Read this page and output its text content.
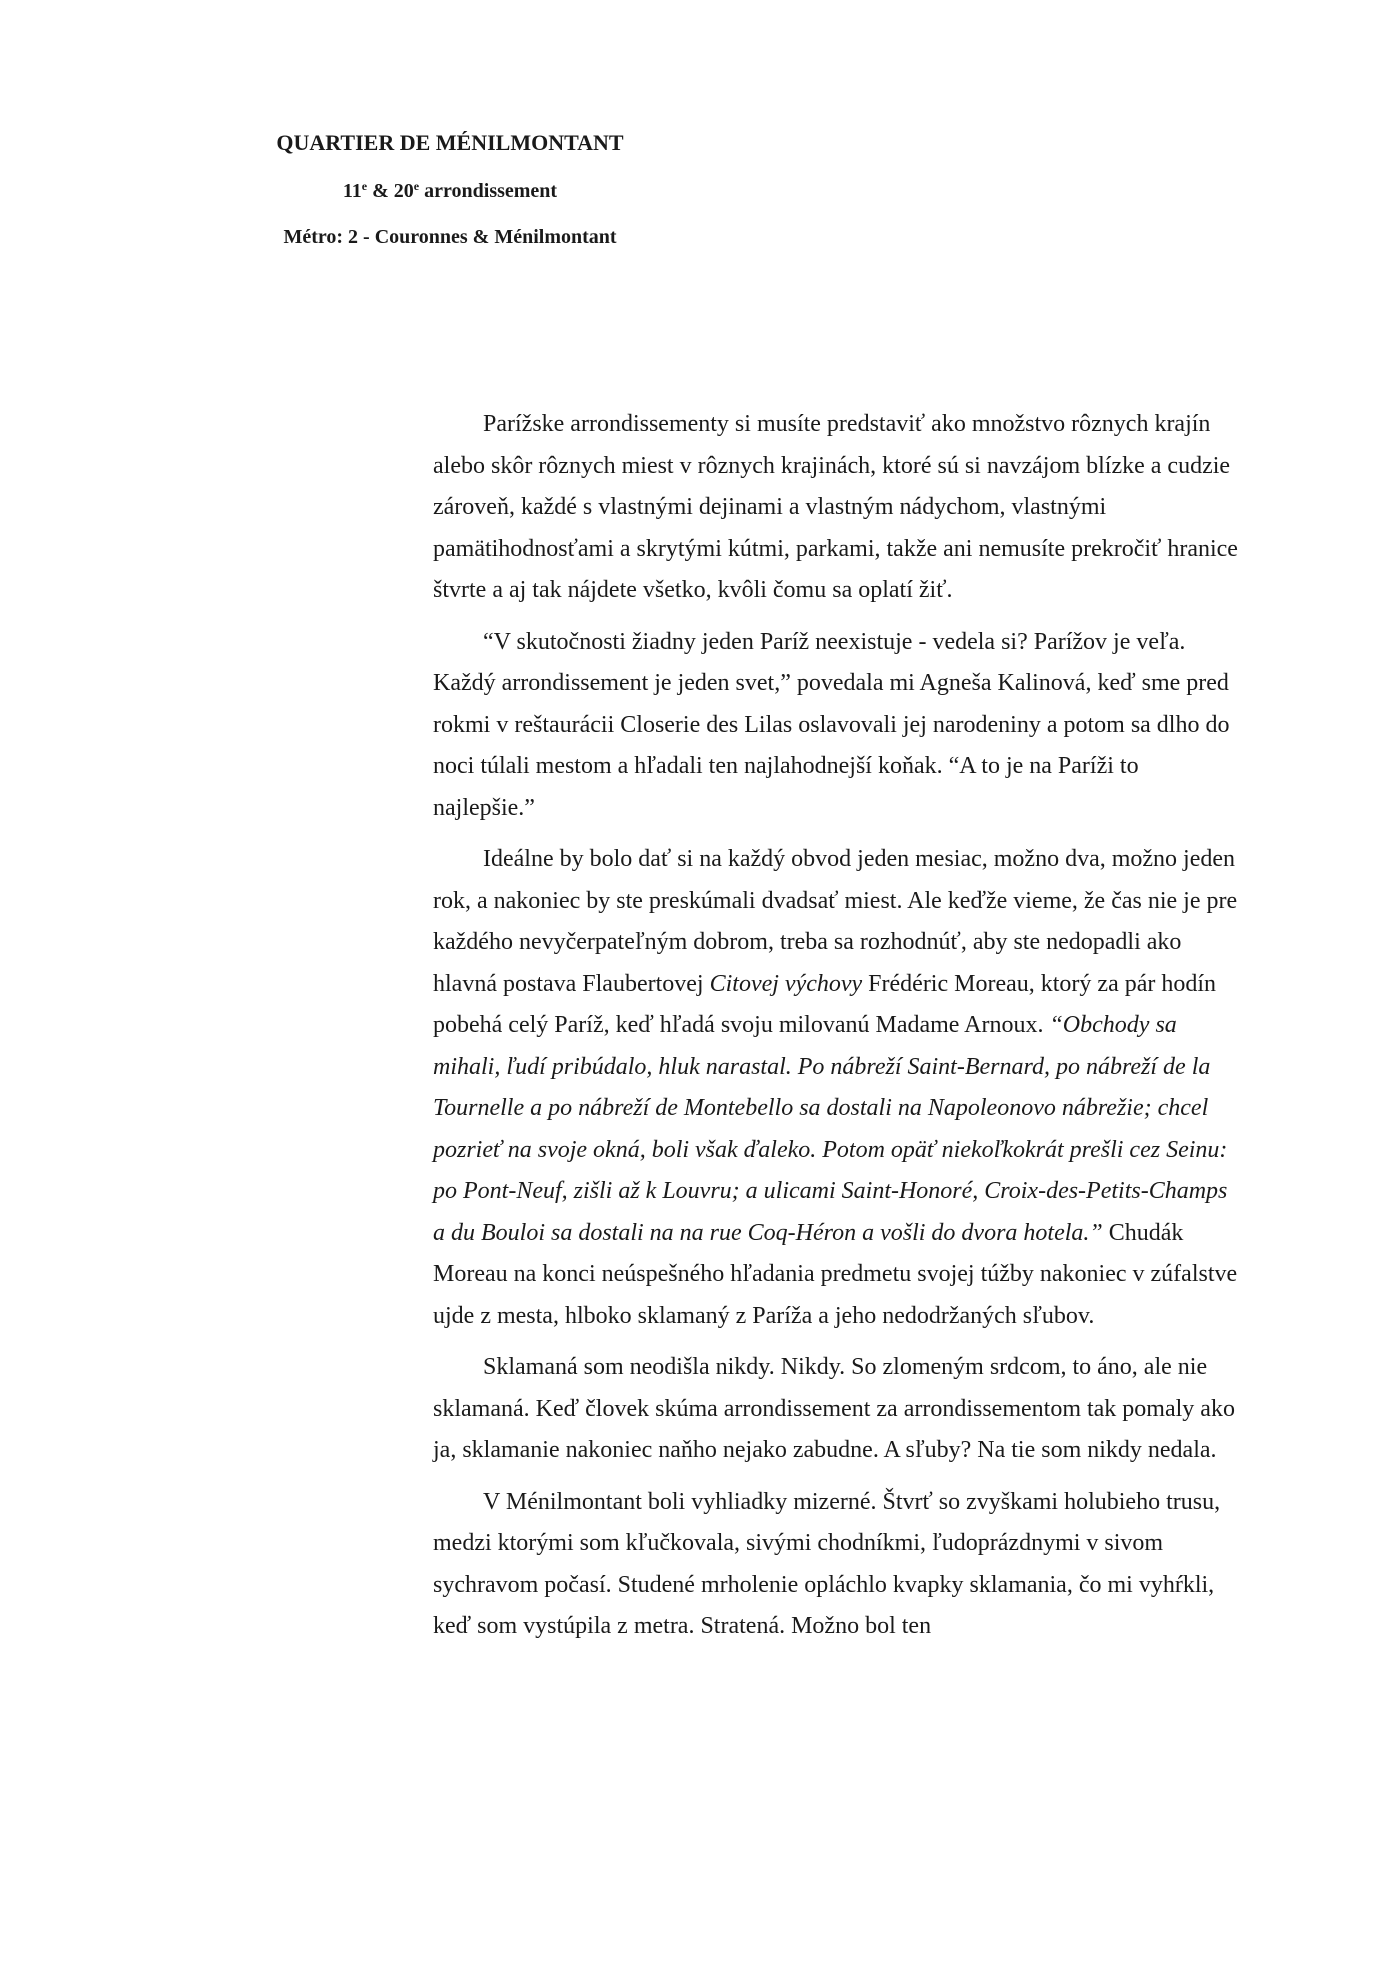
QUARTIER DE MÉNILMONTANT
11e & 20e arrondissement
Métro: 2 - Couronnes & Ménilmontant

Parížske arrondissementy si musíte predstaviť ako množstvo rôznych krajín alebo skôr rôznych miest v rôznych krajinách, ktoré sú si navzájom blízke a cudzie zároveň, každé s vlastnými dejinami a vlastným nádychom, vlastnými pamätihodnosťami a skrytými kútmi, parkami, takže ani nemusíte prekročiť hranice štvrte a aj tak nájdete všetko, kvôli čomu sa oplatí žiť.

“V skutočnosti žiadny jeden Paríž neexistuje - vedela si? Parížov je veľa. Každý arrondissement je jeden svet,” povedala mi Agneša Kalinová, keď sme pred rokmi v reštaurácii Closerie des Lilas oslavovali jej narodeniny a potom sa dlho do noci túlali mestom a hľadali ten najlahodnejší koňak. “A to je na Paríži to najlepšie.”

Ideálne by bolo dať si na každý obvod jeden mesiac, možno dva, možno jeden rok, a nakoniec by ste preskúmali dvadsať miest. Ale keďže vieme, že čas nie je pre každého nevyčerpateľným dobrom, treba sa rozhodnúť, aby ste nedopadli ako hlavná postava Flaubertovej Citovej výchovy Frédéric Moreau, ktorý za pár hodín pobehá celý Paríž, keď hľadá svoju milovanú Madame Arnoux. “Obchody sa mihali, ľudí pribúdalo, hluk narastal. Po nábreží Saint-Bernard, po nábreží de la Tournelle a po nábreží de Montebello sa dostali na Napoleonovo nábrežie; chcel pozrieť na svoje okná, boli však ďaleko. Potom opäť niekoľkokrát prešli cez Seinu: po Pont-Neuf, zišli až k Louvru; a ulicami Saint-Honoré, Croix-des-Petits-Champs a du Bouloi sa dostali na na rue Coq-Héron a vošli do dvora hotela.” Chudák Moreau na konci neúspešného hľadania predmetu svojej túžby nakoniec v zúfalstve ujde z mesta, hlboko sklamaný z Paríža a jeho nedodržaných sľubov.

Sklamaná som neodišla nikdy. Nikdy. So zlomeným srdcom, to áno, ale nie sklamaná. Keď človek skúma arrondissement za arrondissementom tak pomaly ako ja, sklamanie nakoniec naňho nejako zabudne. A sľuby? Na tie som nikdy nedala.

V Ménilmontant boli vyhliadky mizerné. Štvrť so zvyškami holubieho trusu, medzi ktorými som kľučkovala, sivými chodníkmi, ľudoprázdnymi v sivom sychravom počasí. Studené mrholenie opláchlo kvapky sklamania, čo mi vyhŕkli, keď som vystúpila z metra. Stratená. Možno bol ten
